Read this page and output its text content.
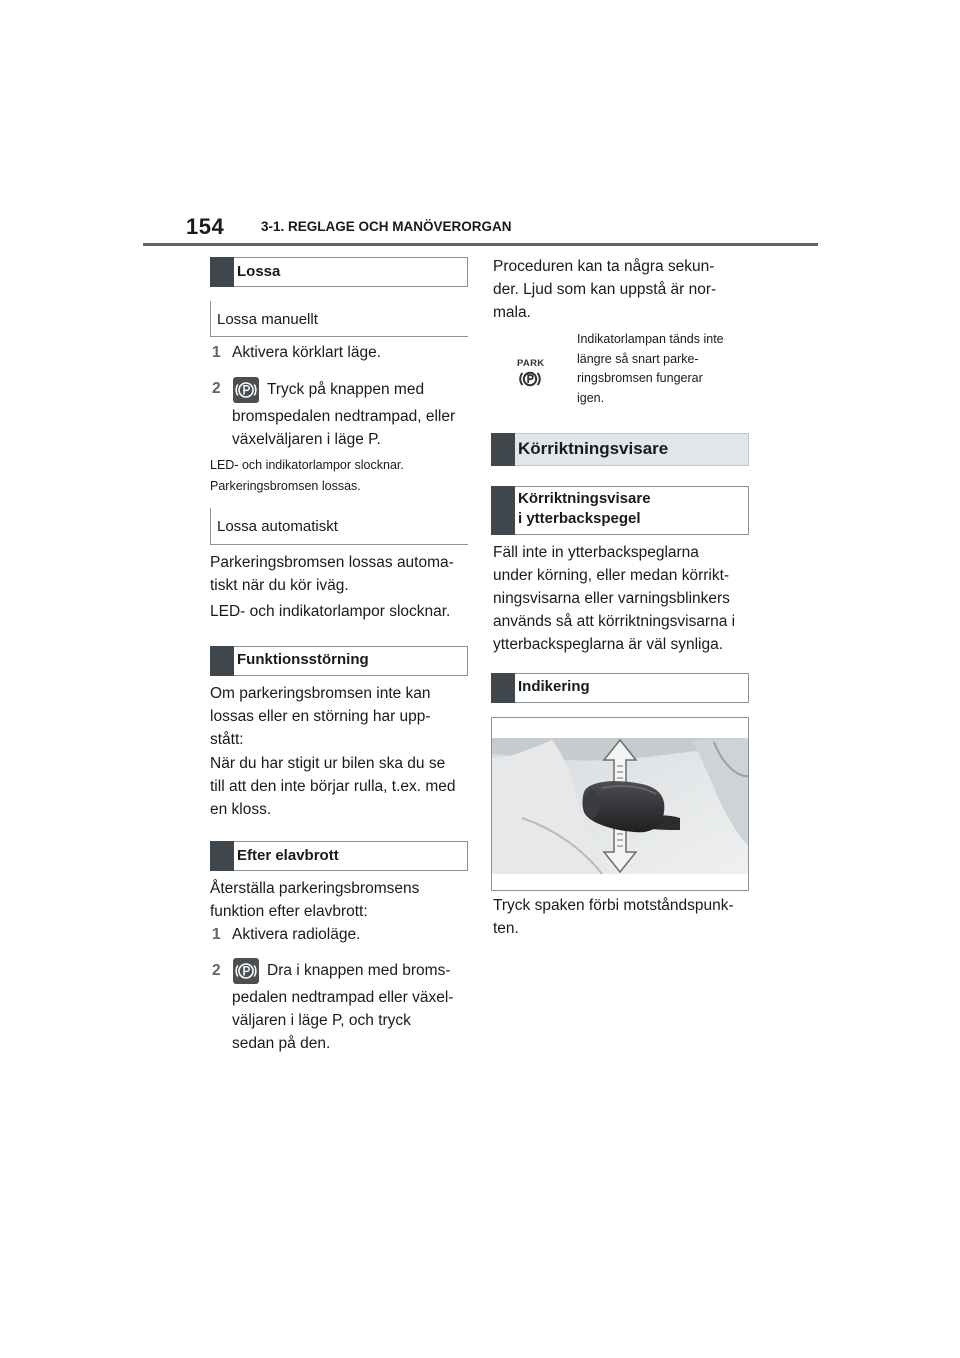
154	3-1. REGLAGE OCH MANÖVERORGAN
Lossa
Lossa manuellt
1 Aktivera körklart läge.
2	Tryck på knappen med
bromspedalen nedtrampad, eller
växelväljaren i läge P.
LED- och indikatorlampor slocknar.
Parkeringsbromsen lossas.
Lossa automatiskt
Parkeringsbromsen lossas automa-
tiskt när du kör iväg.
LED- och indikatorlampor slocknar.
Funktionsstörning
Om parkeringsbromsen inte kan
lossas eller en störning har upp-
stått:
När du har stigit ur bilen ska du se
till att den inte börjar rulla, t.ex. med
en kloss.
Efter elavbrott
Återställa parkeringsbromsens
funktion efter elavbrott:
1 Aktivera radioläge.
2	Dra i knappen med broms-
pedalen nedtrampad eller växel-
väljaren i läge P, och tryck
sedan på den.
Proceduren kan ta några sekun-
der. Ljud som kan uppstå är nor-
mala.
PARK
Indikatorlampan tänds inte
längre så snart parke-
ringsbromsen fungerar
igen.
Körriktningsvisare
Körriktningsvisare
i ytterbackspegel
Fäll inte in ytterbackspeglarna
under körning, eller medan körrikt-
ningsvisarna eller varningsblinkers
används så att körriktningsvisarna i
ytterbackspeglarna är väl synliga.
Indikering
Tryck spaken förbi motståndspunk-
ten.
